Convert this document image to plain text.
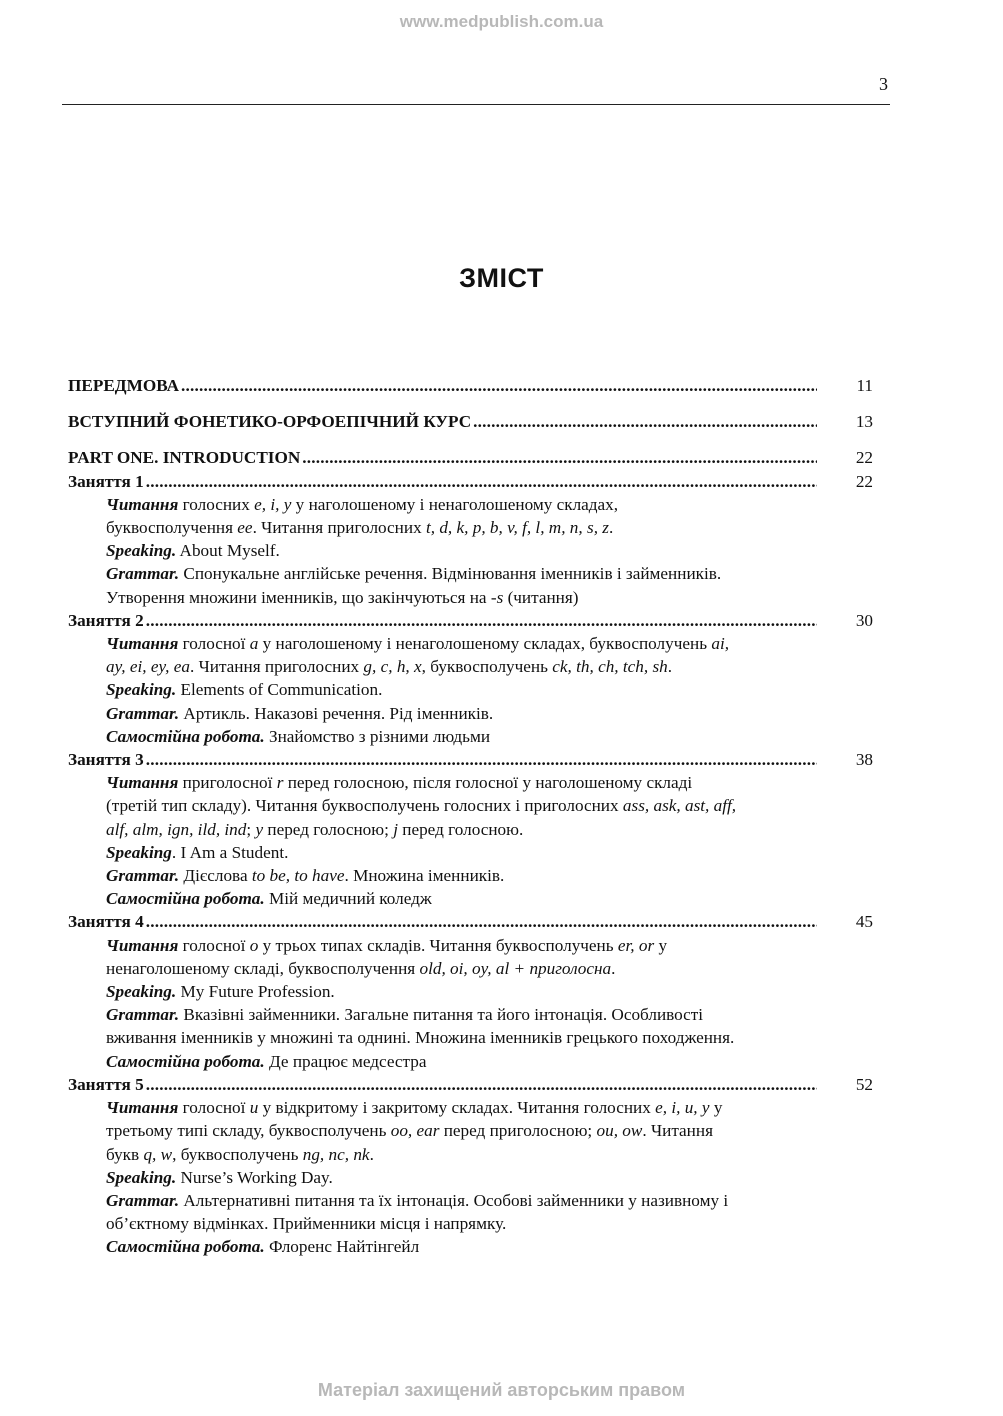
www.medpublish.com.ua
3
ЗМІСТ
ПЕРЕДМОВА .....	11
ВСТУПНИЙ ФОНЕТИКО-ОРФОЕПІЧНИЙ КУРС .....	13
PART ONE. INTRODUCTION .....	22
Заняття 1 .....	22
Читання голосних e, i, y у наголошеному і ненаголошеному складах,
буквосполучення ee. Читання приголосних t, d, k, p, b, v, f, l, m, n, s, z.
Speaking. About Myself.
Grammar. Спонукальне англійське речення. Відмінювання іменників і займенників.
Утворення множини іменників, що закінчуються на -s (читання)
Заняття 2 .....	30
Читання голосної a у наголошеному і ненаголошеному складах, буквосполучень ai,
ay, ei, ey, ea. Читання приголосних g, c, h, x, буквосполучень ck, th, ch, tch, sh.
Speaking. Elements of Communication.
Grammar. Артикль. Наказові речення. Рід іменників.
Самостійна робота. Знайомство з різними людьми
Заняття 3 .....	38
Читання приголосної r перед голосною, після голосної у наголошеному складі
(третій тип складу). Читання буквосполучень голосних і приголосних ass, ask, ast, aff,
alf, alm, ign, ild, ind; y перед голосною; j перед голосною.
Speaking. I Am a Student.
Grammar. Дієслова to be, to have. Множина іменників.
Самостійна робота. Мій медичний коледж
Заняття 4 .....	45
Читання голосної o у трьох типах складів. Читання буквосполучень er, or у
ненаголошеному складі, буквосполучення old, oi, oy, al + приголосна.
Speaking. My Future Profession.
Grammar. Вказівні займенники. Загальне питання та його інтонація. Особливості
вживання іменників у множині та однині. Множина іменників грецького походження.
Самостійна робота. Де працює медсестра
Заняття 5 .....	52
Читання голосної u у відкритому і закритому складах. Читання голосних e, i, u, y у
третьому типі складу, буквосполучень oo, ear перед приголосною; ou, ow. Читання
букв q, w, буквосполучень ng, nc, nk.
Speaking. Nurse’s Working Day.
Grammar. Альтернативні питання та їх інтонація. Особові займенники у називному і
об’єктному відмінках. Прийменники місця і напрямку.
Самостійна робота. Флоренс Найтінгейл
Матеріал захищений авторським правом
